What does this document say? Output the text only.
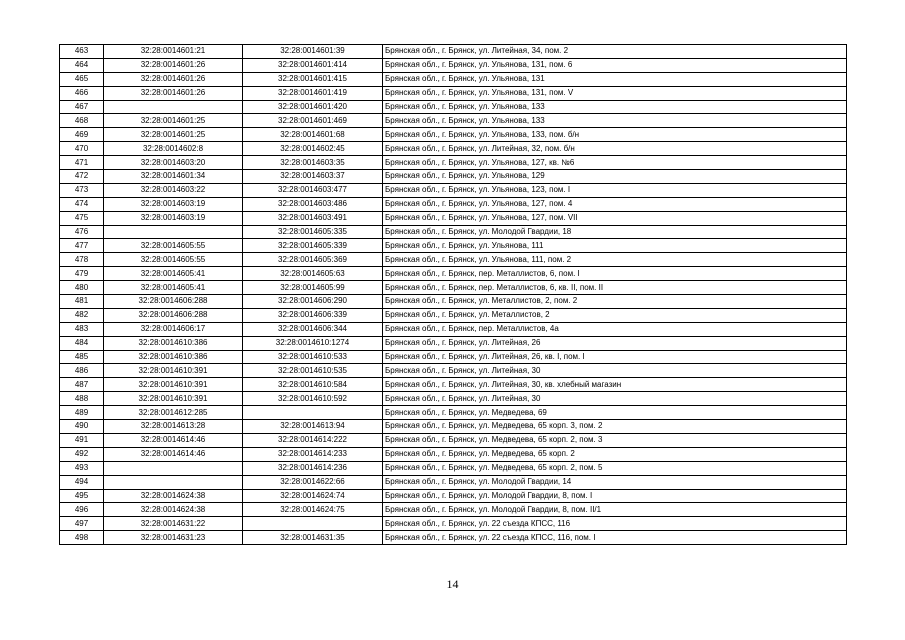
463	32:28:0014601:21	32:28:0014601:39	Брянская обл., г. Брянск, ул. Литейная, 34, пом. 2
464	32:28:0014601:26	32:28:0014601:414	Брянская обл., г. Брянск, ул. Ульянова, 131, пом. 6
465	32:28:0014601:26	32:28:0014601:415	Брянская обл., г. Брянск, ул. Ульянова, 131
466	32:28:0014601:26	32:28:0014601:419	Брянская обл., г. Брянск, ул. Ульянова, 131, пом. V
467		32:28:0014601:420	Брянская обл., г. Брянск, ул. Ульянова, 133
468	32:28:0014601:25	32:28:0014601:469	Брянская обл., г. Брянск, ул. Ульянова, 133
469	32:28:0014601:25	32:28:0014601:68	Брянская обл., г. Брянск, ул. Ульянова, 133, пом. б/н
470	32:28:0014602:8	32:28:0014602:45	Брянская обл., г. Брянск, ул. Литейная, 32, пом. б/н
471	32:28:0014603:20	32:28:0014603:35	Брянская обл., г. Брянск, ул. Ульянова, 127, кв. №6
472	32:28:0014601:34	32:28:0014603:37	Брянская обл., г. Брянск, ул. Ульянова, 129
473	32:28:0014603:22	32:28:0014603:477	Брянская обл., г. Брянск, ул. Ульянова, 123, пом. I
474	32:28:0014603:19	32:28:0014603:486	Брянская обл., г. Брянск, ул. Ульянова, 127, пом. 4
475	32:28:0014603:19	32:28:0014603:491	Брянская обл., г. Брянск, ул. Ульянова, 127, пом. VII
476		32:28:0014605:335	Брянская обл., г. Брянск, ул. Молодой Гвардии, 18
477	32:28:0014605:55	32:28:0014605:339	Брянская обл., г. Брянск, ул. Ульянова, 111
478	32:28:0014605:55	32:28:0014605:369	Брянская обл., г. Брянск, ул. Ульянова, 111, пом. 2
479	32:28:0014605:41	32:28:0014605:63	Брянская обл., г. Брянск, пер. Металлистов, 6, пом. I
480	32:28:0014605:41	32:28:0014605:99	Брянская обл., г. Брянск, пер. Металлистов, 6, кв. II, пом. II
481	32:28:0014606:288	32:28:0014606:290	Брянская обл., г. Брянск, ул. Металлистов, 2, пом. 2
482	32:28:0014606:288	32:28:0014606:339	Брянская обл., г. Брянск, ул. Металлистов, 2
483	32:28:0014606:17	32:28:0014606:344	Брянская обл., г. Брянск, пер. Металлистов, 4а
484	32:28:0014610:386	32:28:0014610:1274	Брянская обл., г. Брянск, ул. Литейная, 26
485	32:28:0014610:386	32:28:0014610:533	Брянская обл., г. Брянск, ул. Литейная, 26, кв. I, пом. I
486	32:28:0014610:391	32:28:0014610:535	Брянская обл., г. Брянск, ул. Литейная, 30
487	32:28:0014610:391	32:28:0014610:584	Брянская обл., г. Брянск, ул. Литейная, 30, кв. хлебный магазин
488	32:28:0014610:391	32:28:0014610:592	Брянская обл., г. Брянск, ул. Литейная, 30
489	32:28:0014612:285		Брянская обл., г. Брянск, ул. Медведева, 69
490	32:28:0014613:28	32:28:0014613:94	Брянская обл., г. Брянск, ул. Медведева, 65 корп. 3, пом. 2
491	32:28:0014614:46	32:28:0014614:222	Брянская обл., г. Брянск, ул. Медведева, 65 корп. 2, пом. 3
492	32:28:0014614:46	32:28:0014614:233	Брянская обл., г. Брянск, ул. Медведева, 65 корп. 2
493		32:28:0014614:236	Брянская обл., г. Брянск, ул. Медведева, 65 корп. 2, пом. 5
494		32:28:0014622:66	Брянская обл., г. Брянск, ул. Молодой Гвардии, 14
495	32:28:0014624:38	32:28:0014624:74	Брянская обл., г. Брянск, ул. Молодой Гвардии, 8, пом. I
496	32:28:0014624:38	32:28:0014624:75	Брянская обл., г. Брянск, ул. Молодой Гвардии, 8, пом. II/1
497	32:28:0014631:22		Брянская обл., г. Брянск, ул. 22 съезда КПСС, 116
498	32:28:0014631:23	32:28:0014631:35	Брянская обл., г. Брянск, ул. 22 съезда КПСС, 116, пом. I
14
